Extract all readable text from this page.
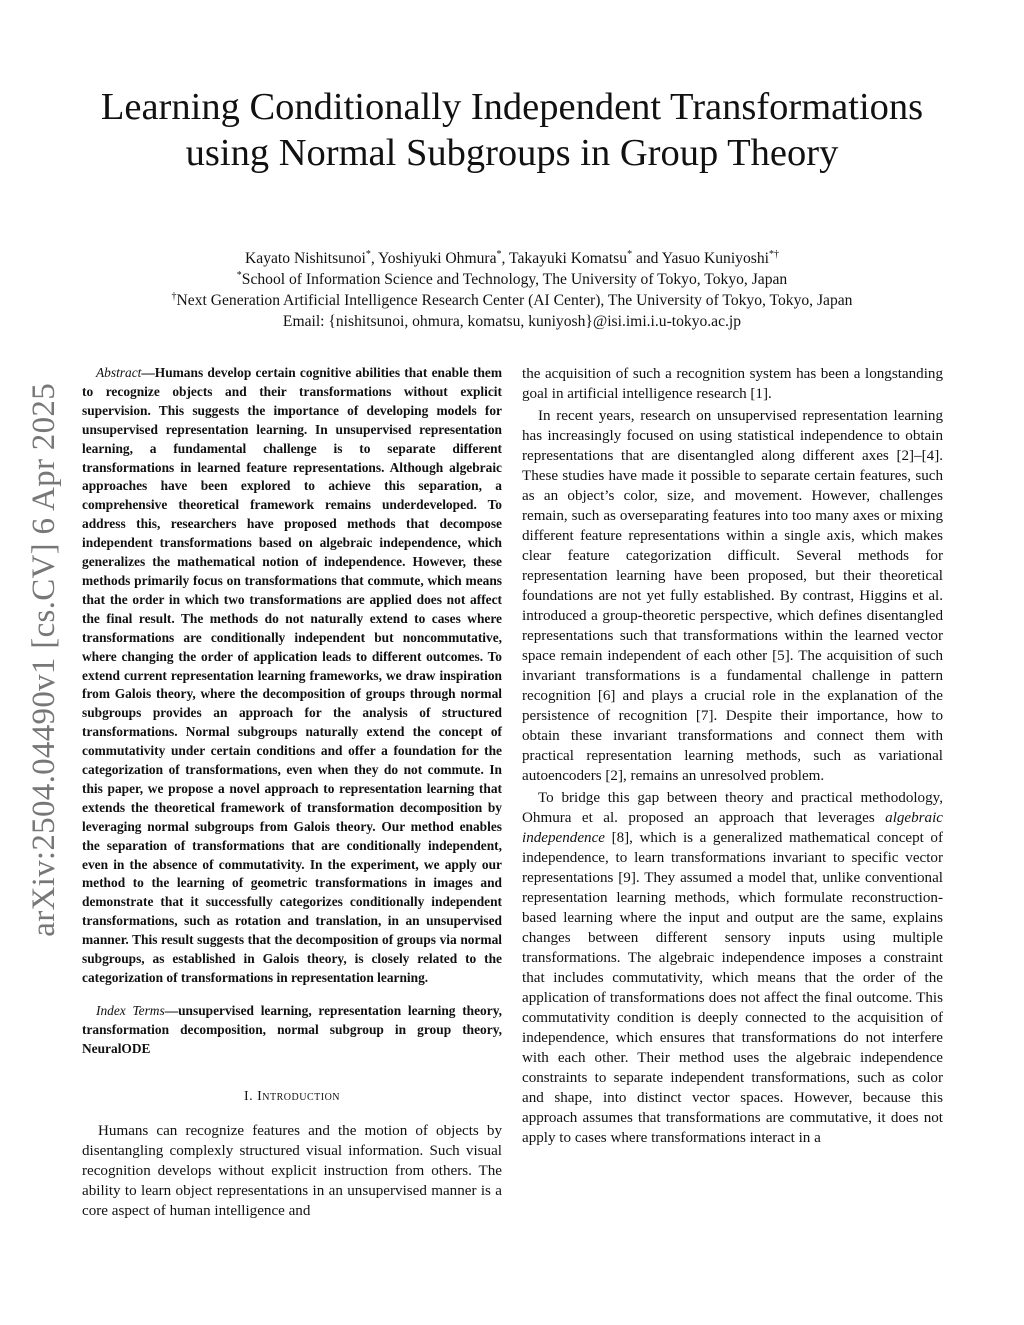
Learning Conditionally Independent Transformations using Normal Subgroups in Group Theory
Kayato Nishitsunoi*, Yoshiyuki Ohmura*, Takayuki Komatsu* and Yasuo Kuniyoshi*†
*School of Information Science and Technology, The University of Tokyo, Tokyo, Japan
†Next Generation Artificial Intelligence Research Center (AI Center), The University of Tokyo, Tokyo, Japan
Email: {nishitsunoi, ohmura, komatsu, kuniyosh}@isi.imi.i.u-tokyo.ac.jp
arXiv:2504.04490v1 [cs.CV] 6 Apr 2025

Abstract—Humans develop certain cognitive abilities that enable them to recognize objects and their transformations without explicit supervision. This suggests the importance of developing models for unsupervised representation learning. In unsupervised representation learning, a fundamental challenge is to separate different transformations in learned feature representations. Although algebraic approaches have been explored to achieve this separation, a comprehensive theoretical framework remains underdeveloped. To address this, researchers have proposed methods that decompose independent transformations based on algebraic independence, which generalizes the mathematical notion of independence. However, these methods primarily focus on transformations that commute, which means that the order in which two transformations are applied does not affect the final result. The methods do not naturally extend to cases where transformations are conditionally independent but noncommutative, where changing the order of application leads to different outcomes. To extend current representation learning frameworks, we draw inspiration from Galois theory, where the decomposition of groups through normal subgroups provides an approach for the analysis of structured transformations. Normal subgroups naturally extend the concept of commutativity under certain conditions and offer a foundation for the categorization of transformations, even when they do not commute. In this paper, we propose a novel approach to representation learning that extends the theoretical framework of transformation decomposition by leveraging normal subgroups from Galois theory. Our method enables the separation of transformations that are conditionally independent, even in the absence of commutativity. In the experiment, we apply our method to the learning of geometric transformations in images and demonstrate that it successfully categorizes conditionally independent transformations, such as rotation and translation, in an unsupervised manner. This result suggests that the decomposition of groups via normal subgroups, as established in Galois theory, is closely related to the categorization of transformations in representation learning.

Index Terms—unsupervised learning, representation learning theory, transformation decomposition, normal subgroup in group theory, NeuralODE

I. Introduction

Humans can recognize features and the motion of objects by disentangling complexly structured visual information. Such visual recognition develops without explicit instruction from others. The ability to learn object representations in an unsupervised manner is a core aspect of human intelligence and

the acquisition of such a recognition system has been a longstanding goal in artificial intelligence research [1].

In recent years, research on unsupervised representation learning has increasingly focused on using statistical independence to obtain representations that are disentangled along different axes [2]–[4]. These studies have made it possible to separate certain features, such as an object’s color, size, and movement. However, challenges remain, such as overseparating features into too many axes or mixing different feature representations within a single axis, which makes clear feature categorization difficult. Several methods for representation learning have been proposed, but their theoretical foundations are not yet fully established. By contrast, Higgins et al. introduced a group-theoretic perspective, which defines disentangled representations such that transformations within the learned vector space remain independent of each other [5]. The acquisition of such invariant transformations is a fundamental challenge in pattern recognition [6] and plays a crucial role in the explanation of the persistence of recognition [7]. Despite their importance, how to obtain these invariant transformations and connect them with practical representation learning methods, such as variational autoencoders [2], remains an unresolved problem.

To bridge this gap between theory and practical methodology, Ohmura et al. proposed an approach that leverages algebraic independence [8], which is a generalized mathematical concept of independence, to learn transformations invariant to specific vector representations [9]. They assumed a model that, unlike conventional representation learning methods, which formulate reconstruction-based learning where the input and output are the same, explains changes between different sensory inputs using multiple transformations. The algebraic independence imposes a constraint that includes commutativity, which means that the order of the application of transformations does not affect the final outcome. This commutativity condition is deeply connected to the acquisition of independence, which ensures that transformations do not interfere with each other. Their method uses the algebraic independence constraints to separate independent transformations, such as color and shape, into distinct vector spaces. However, because this approach assumes that transformations are commutative, it does not apply to cases where transformations interact in a
